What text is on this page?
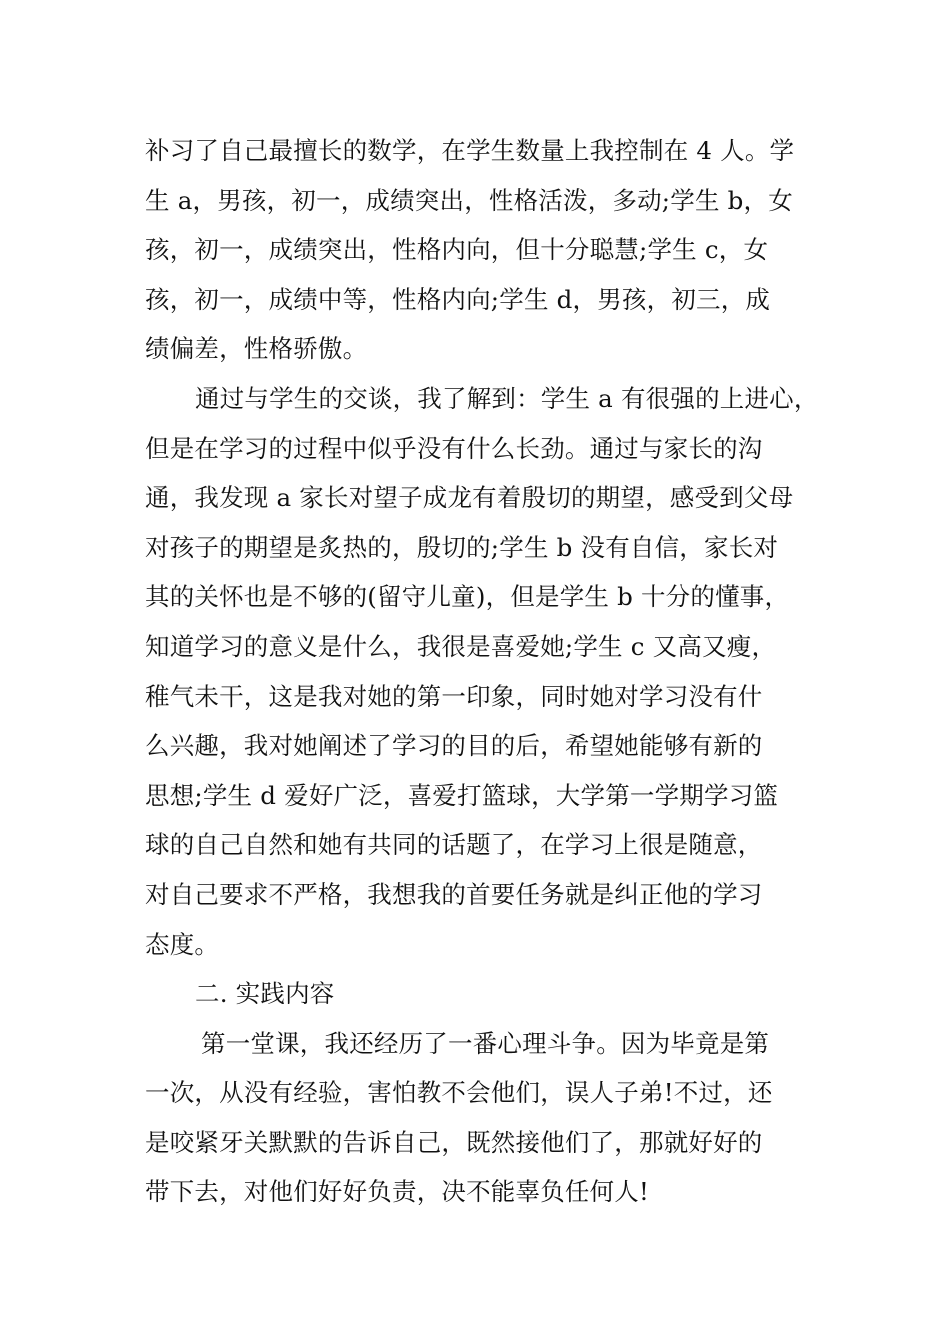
补习了自己最擅长的数学，在学生数量上我控制在 4 人。学
生 a，男孩，初一，成绩突出，性格活泼，多动;学生 b，女
孩，初一，成绩突出，性格内向，但十分聪慧;学生 c，女
孩，初一，成绩中等，性格内向;学生 d，男孩，初三，成
绩偏差，性格骄傲。
通过与学生的交谈，我了解到：学生 a 有很强的上进心，
但是在学习的过程中似乎没有什么长劲。通过与家长的沟
通，我发现 a 家长对望子成龙有着殷切的期望，感受到父母
对孩子的期望是炙热的，殷切的;学生 b 没有自信，家长对
其的关怀也是不够的(留守儿童)，但是学生 b 十分的懂事，
知道学习的意义是什么，我很是喜爱她;学生 c 又高又瘦，
稚气未干，这是我对她的第一印象，同时她对学习没有什
么兴趣，我对她阐述了学习的目的后，希望她能够有新的
思想;学生 d 爱好广泛，喜爱打篮球，大学第一学期学习篮
球的自己自然和她有共同的话题了，在学习上很是随意，
对自己要求不严格，我想我的首要任务就是纠正他的学习
态度。
二. 实践内容
第一堂课，我还经历了一番心理斗争。因为毕竟是第
一次，从没有经验，害怕教不会他们，误人子弟!不过，还
是咬紧牙关默默的告诉自己，既然接他们了，那就好好的
带下去，对他们好好负责，决不能辜负任何人!
